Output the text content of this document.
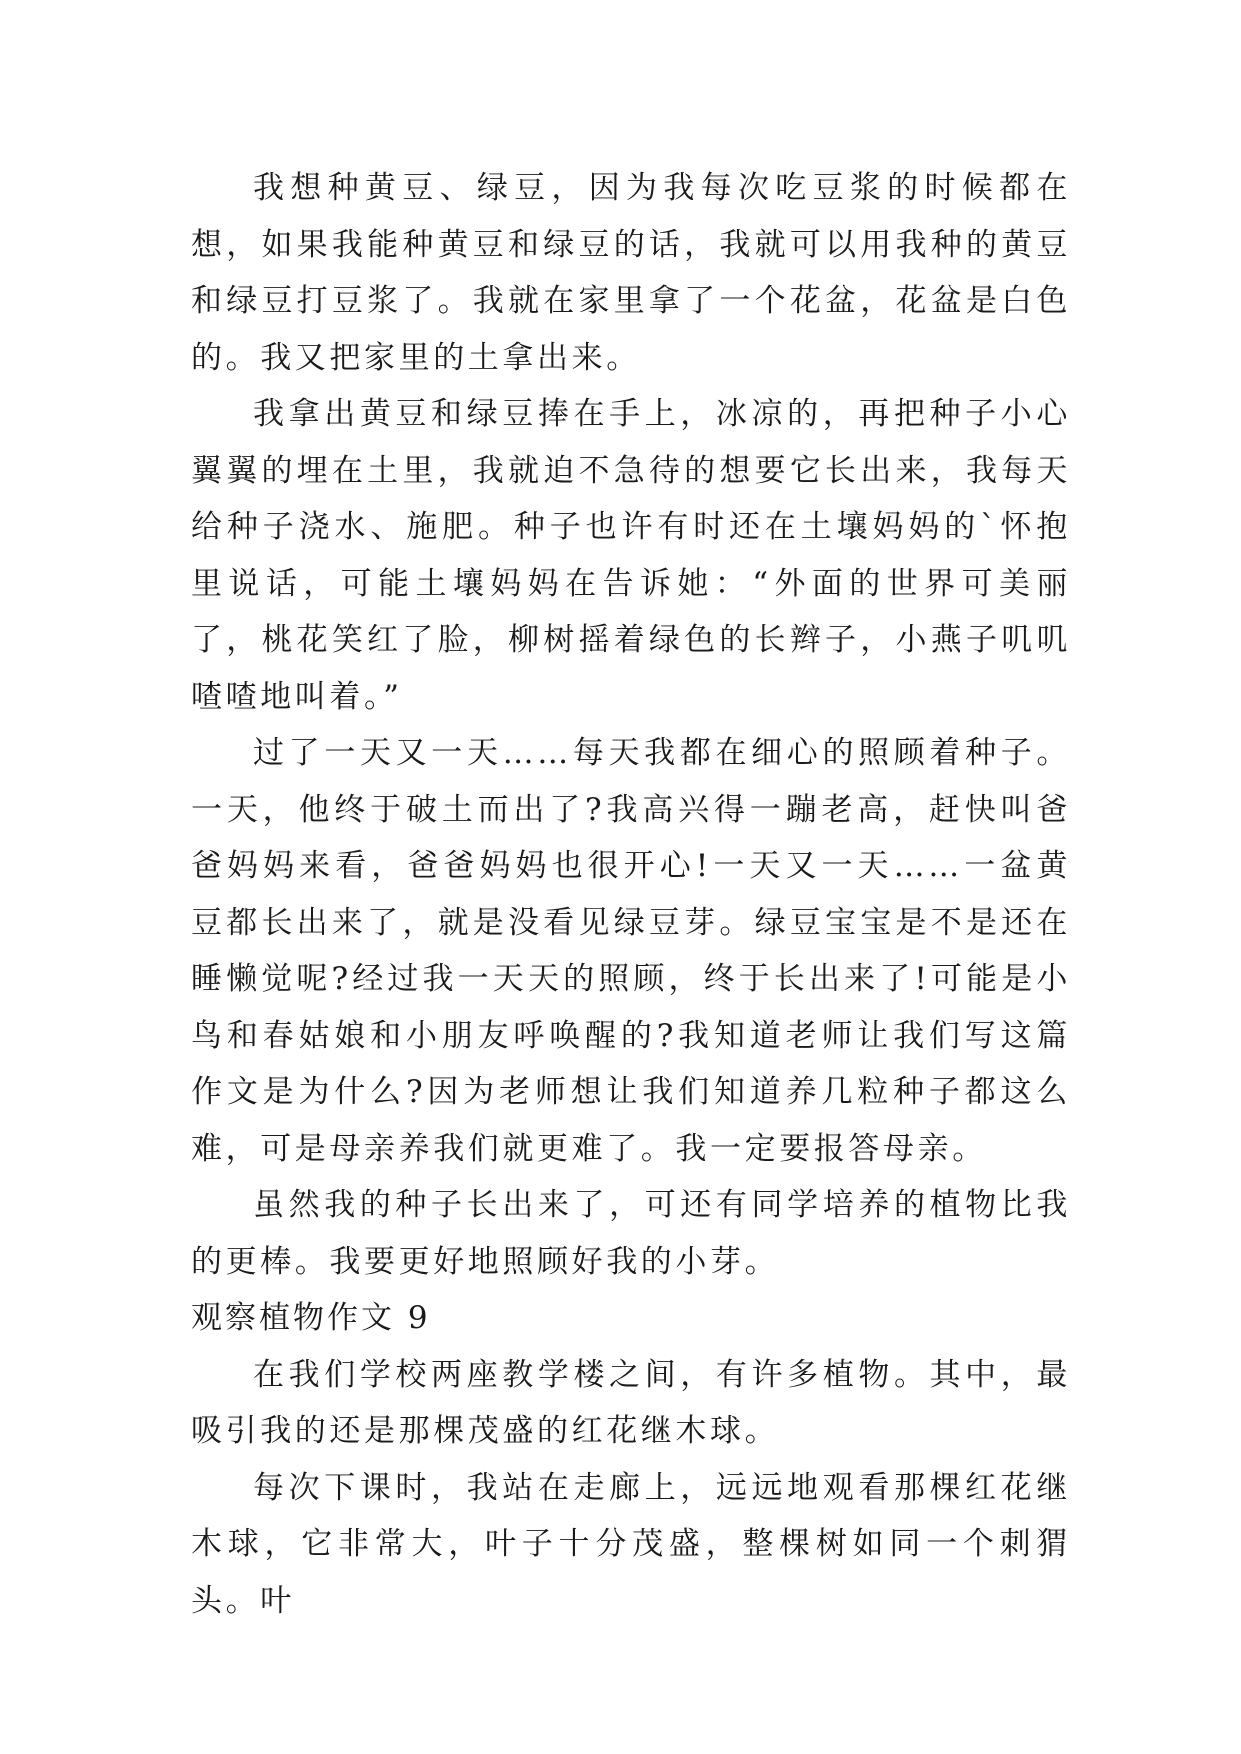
我想种黄豆、绿豆，因为我每次吃豆浆的时候都在想，如果我能种黄豆和绿豆的话，我就可以用我种的黄豆和绿豆打豆浆了。我就在家里拿了一个花盆，花盆是白色的。我又把家里的土拿出来。

我拿出黄豆和绿豆捧在手上，冰凉的，再把种子小心翼翼的埋在土里，我就迫不急待的想要它长出来，我每天给种子浇水、施肥。种子也许有时还在土壤妈妈的`怀抱里说话，可能土壤妈妈在告诉她：“外面的世界可美丽了，桃花笑红了脸，柳树摇着绿色的长辫子，小燕子叽叽喳喳地叫着。”

过了一天又一天……每天我都在细心的照顾着种子。一天，他终于破土而出了?我高兴得一蹦老高，赶快叫爸爸妈妈来看，爸爸妈妈也很开心!一天又一天……一盆黄豆都长出来了，就是没看见绿豆芽。绿豆宝宝是不是还在睡懒觉呢?经过我一天天的照顾，终于长出来了!可能是小鸟和春姑娘和小朋友呼唤醒的?我知道老师让我们写这篇作文是为什么?因为老师想让我们知道养几粒种子都这么难，可是母亲养我们就更难了。我一定要报答母亲。

虽然我的种子长出来了，可还有同学培养的植物比我的更棒。我要更好地照顾好我的小芽。

观察植物作文 9

在我们学校两座教学楼之间，有许多植物。其中，最吸引我的还是那棵茂盛的红花继木球。

每次下课时，我站在走廊上，远远地观看那棵红花继木球，它非常大，叶子十分茂盛，整棵树如同一个刺猬头。叶
